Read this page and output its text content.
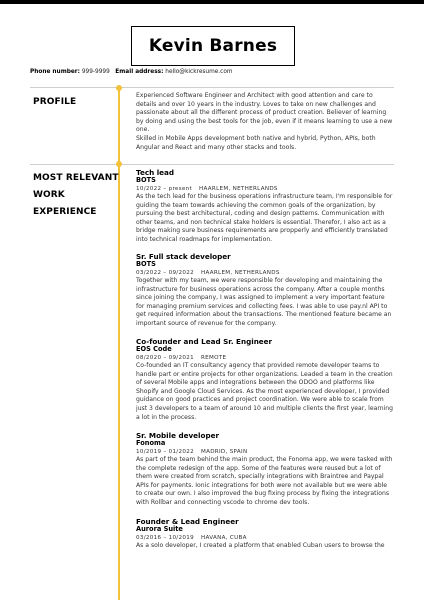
Kevin Barnes
Phone number: 999-9999 Email address: hello@kickresume.com
PROFILE

Experienced Software Engineer and Architect with good attention and care to details and over 10 years in the industry. Loves to take on new challenges and passionate about all the different process of product creation. Believer of learning by doing and using the best tools for the job, even if it means learning to use a new one.

Skilled in Mobile Apps development both native and hybrid, Python, APIs, both Angular and React and many other stacks and tools.

MOST RELEVANT
WORK
EXPERIENCE
Tech lead
BOTS
10/2022 – present HAARLEM, NETHERLANDS
As the tech lead for the business operations infrastructure team, I'm responsible for guiding the team towards achieving the common goals of the organization, by pursuing the best architectural, coding and design patterns. Communication with other teams, and non technical stake holders is essential. Therefor, I also act as a bridge making sure business requirements are propperly and efficiently translated into technical roadmaps for implementation.
Sr. Full stack developer
BOTS
03/2022 – 09/2022 HAARLEM, NETHERLANDS
Together with my team, we were responsible for developing and maintaining the infrastructure for business operations across the company. After a couple months since joining the company, I was assigned to implement a very important feature for managing premium services and collecting fees. I was able to use pay.nl API to get required information about the transactions. The mentioned feature became an important source of revenue for the company.
Co-founder and Lead Sr. Engineer
EOS Code
08/2020 – 09/2021 REMOTE
Co-founded an IT consultancy agency that provided remote developer teams to handle part or entire projects for other organizations. Leaded a team in the creation of several Mobile apps and integrations between the ODOO and platforms like Shopify and Google Cloud Services. As the most experienced developer, I provided guidance on good practices and project coordination. We were able to scale from just 3 developers to a team of around 10 and multiple clients the first year, learning a lot in the process.
Sr. Mobile developer
Fonoma
10/2019 – 01/2022 MADRID, SPAIN
As part of the team behind the main product, the Fonoma app, we were tasked with the complete redesign of the app. Some of the features were reused but a lot of them were created from scratch, specially integrations with Braintree and Paypal APIs for payments. Ionic integrations for both were not available but we were able to create our own. I also improved the bug fixing process by fixing the integrations with Rollbar and connecting vscode to chrome dev tools.
Founder & Lead Engineer
Aurora Suite
03/2016 – 10/2019 HAVANA, CUBA
As a solo developer, I created a platform that enabled Cuban users to browse the
